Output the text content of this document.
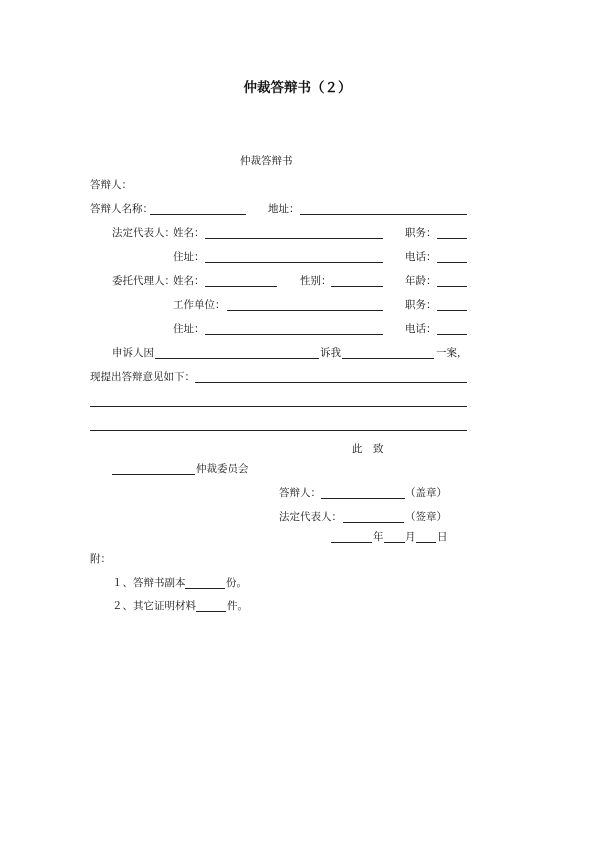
仲裁答辩书（２）
仲裁答辩书
答辩人：
答辩人名称：	地址：
法定代表人：
姓名：	职务：
住址：	电话：
委托代理人：
姓名：	性别：	年龄：
工作单位：	职务：
住址：	电话：
申诉人因	诉我	一案，
现提出答辩意见如下：
此　致
仲裁委员会
答辩人：	（盖章）
法定代表人：	（签章）
年 月 日
附：
１、答辩书副本	份。
２、其它证明材料	件。
